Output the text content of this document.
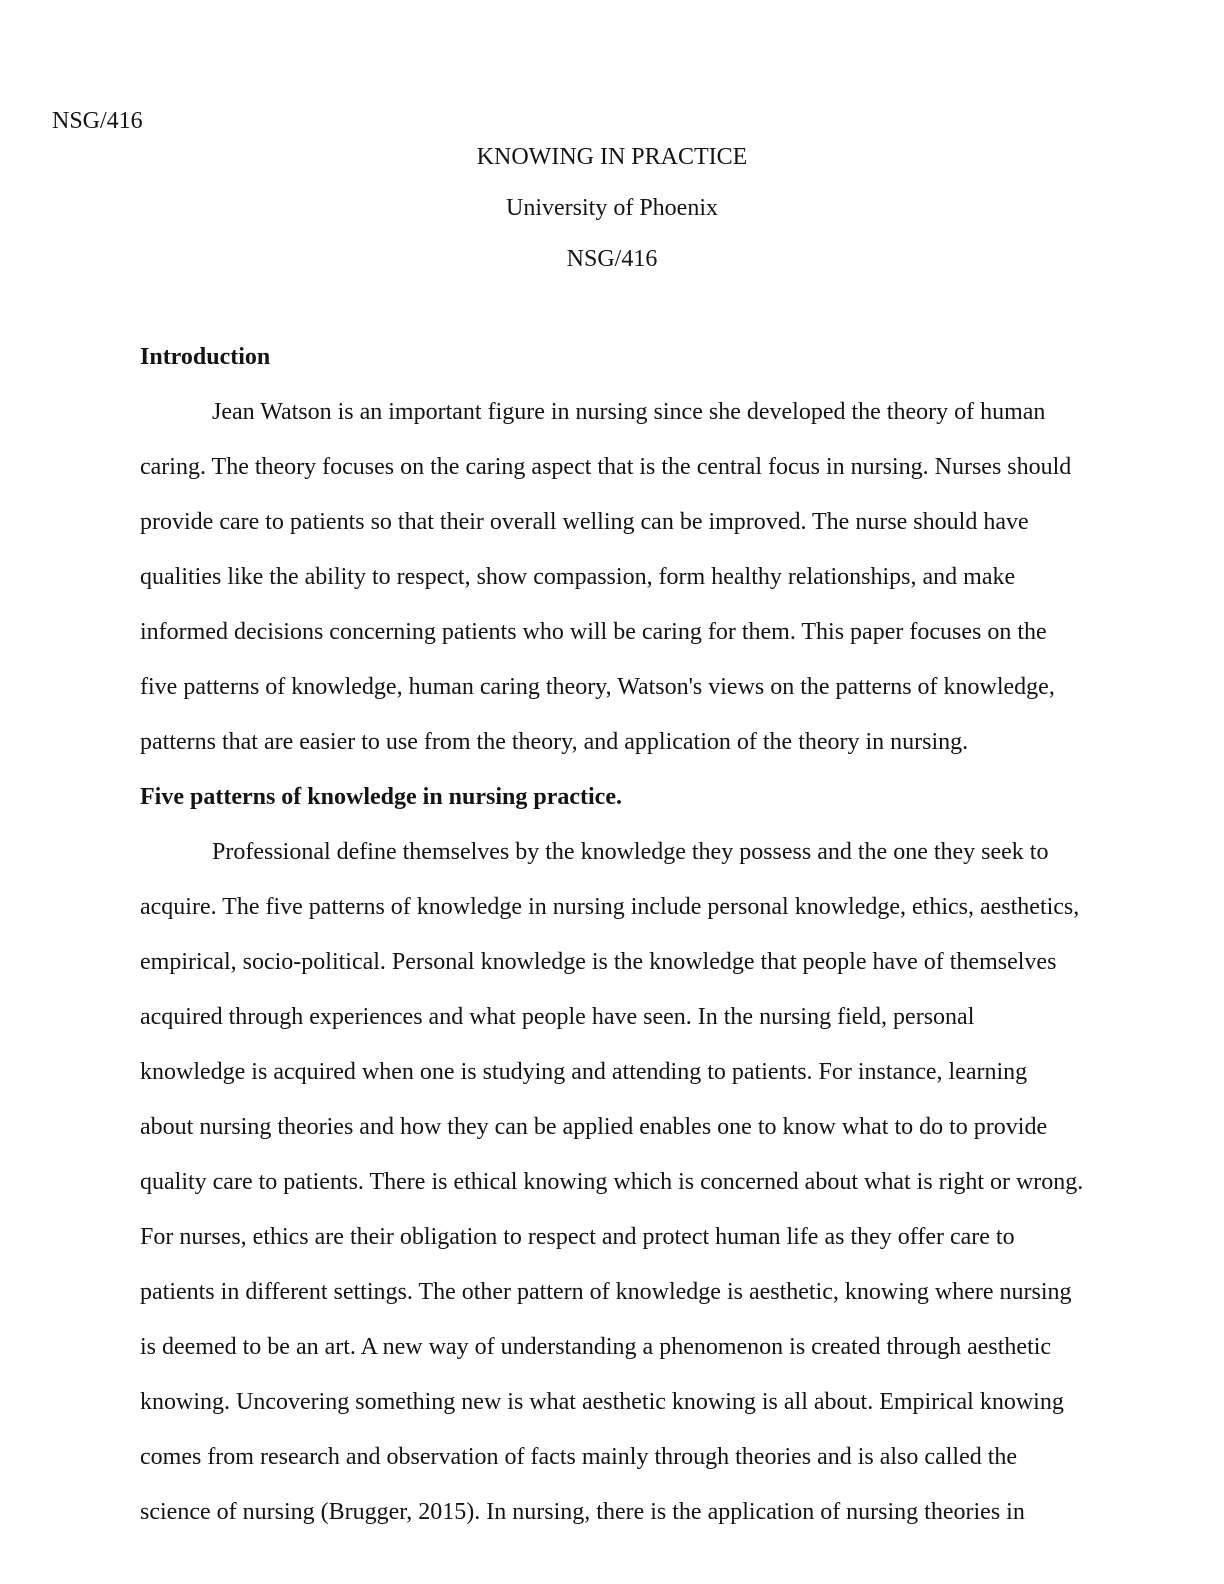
NSG/416
KNOWING IN PRACTICE
University of Phoenix
NSG/416
Introduction

Jean Watson is an important figure in nursing since she developed the theory of human caring. The theory focuses on the caring aspect that is the central focus in nursing. Nurses should provide care to patients so that their overall welling can be improved. The nurse should have qualities like the ability to respect, show compassion, form healthy relationships, and make informed decisions concerning patients who will be caring for them. This paper focuses on the five patterns of knowledge, human caring theory, Watson's views on the patterns of knowledge, patterns that are easier to use from the theory, and application of the theory in nursing.

Five patterns of knowledge in nursing practice.

Professional define themselves by the knowledge they possess and the one they seek to acquire. The five patterns of knowledge in nursing include personal knowledge, ethics, aesthetics, empirical, socio-political. Personal knowledge is the knowledge that people have of themselves acquired through experiences and what people have seen. In the nursing field, personal knowledge is acquired when one is studying and attending to patients. For instance, learning about nursing theories and how they can be applied enables one to know what to do to provide quality care to patients. There is ethical knowing which is concerned about what is right or wrong. For nurses, ethics are their obligation to respect and protect human life as they offer care to patients in different settings. The other pattern of knowledge is aesthetic, knowing where nursing is deemed to be an art. A new way of understanding a phenomenon is created through aesthetic knowing. Uncovering something new is what aesthetic knowing is all about. Empirical knowing comes from research and observation of facts mainly through theories and is also called the science of nursing (Brugger, 2015). In nursing, there is the application of nursing theories in
